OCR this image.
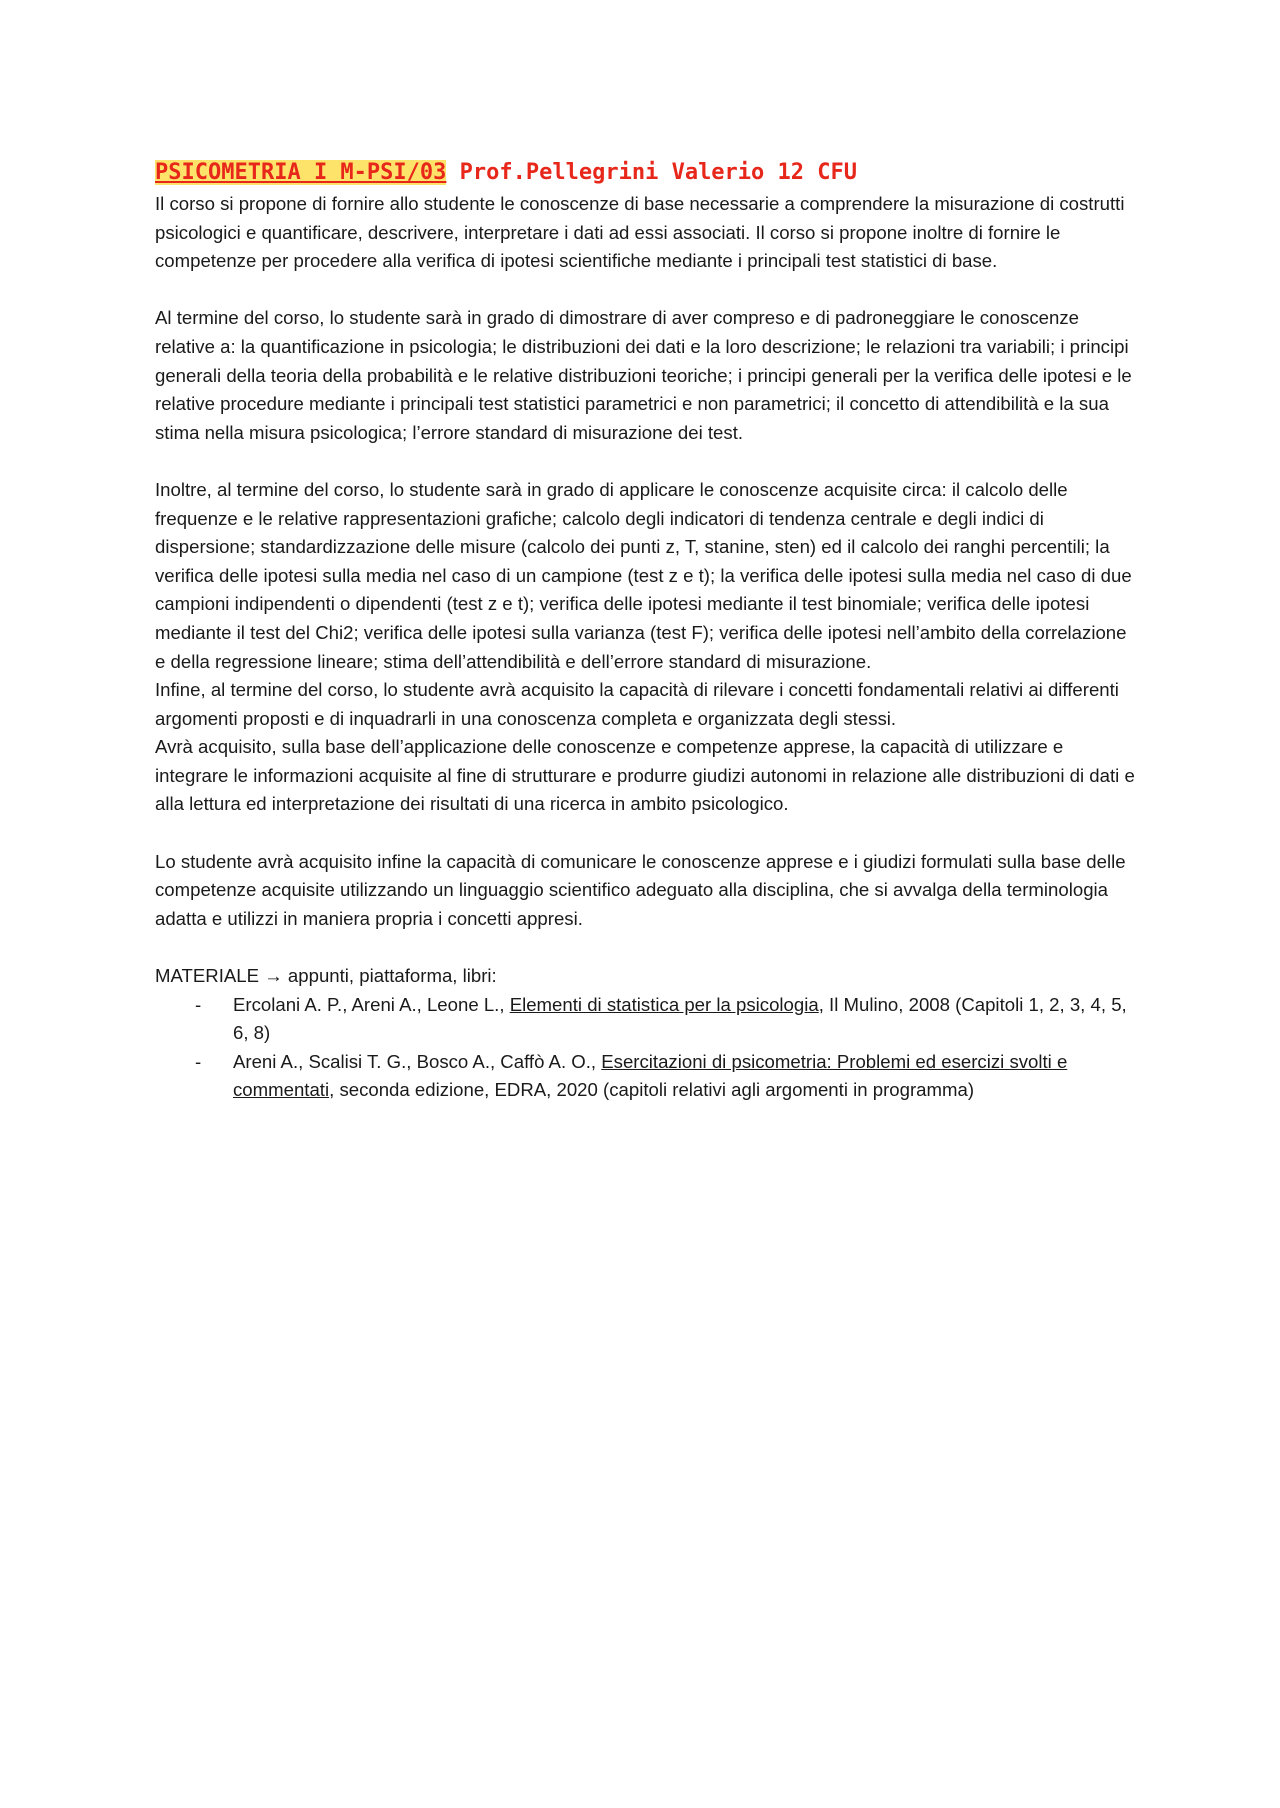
PSICOMETRIA I M-PSI/03 Prof.Pellegrini Valerio 12 CFU

Il corso si propone di fornire allo studente le conoscenze di base necessarie a comprendere la misurazione di costrutti psicologici e quantificare, descrivere, interpretare i dati ad essi associati. Il corso si propone inoltre di fornire le competenze per procedere alla verifica di ipotesi scientifiche mediante i principali test statistici di base.

Al termine del corso, lo studente sarà in grado di dimostrare di aver compreso e di padroneggiare le conoscenze relative a: la quantificazione in psicologia; le distribuzioni dei dati e la loro descrizione; le relazioni tra variabili; i principi generali della teoria della probabilità e le relative distribuzioni teoriche; i principi generali per la verifica delle ipotesi e le relative procedure mediante i principali test statistici parametrici e non parametrici; il concetto di attendibilità e la sua stima nella misura psicologica; l’errore standard di misurazione dei test.

Inoltre, al termine del corso, lo studente sarà in grado di applicare le conoscenze acquisite circa: il calcolo delle frequenze e le relative rappresentazioni grafiche; calcolo degli indicatori di tendenza centrale e degli indici di dispersione; standardizzazione delle misure (calcolo dei punti z, T, stanine, sten) ed il calcolo dei ranghi percentili; la verifica delle ipotesi sulla media nel caso di un campione (test z e t); la verifica delle ipotesi sulla media nel caso di due campioni indipendenti o dipendenti (test z e t); verifica delle ipotesi mediante il test binomiale; verifica delle ipotesi mediante il test del Chi2; verifica delle ipotesi sulla varianza (test F); verifica delle ipotesi nell’ambito della correlazione e della regressione lineare; stima dell’attendibilità e dell’errore standard di misurazione.

Infine, al termine del corso, lo studente avrà acquisito la capacità di rilevare i concetti fondamentali relativi ai differenti argomenti proposti e di inquadrarli in una conoscenza completa e organizzata degli stessi.

Avrà acquisito, sulla base dell’applicazione delle conoscenze e competenze apprese, la capacità di utilizzare e integrare le informazioni acquisite al fine di strutturare e produrre giudizi autonomi in relazione alle distribuzioni di dati e alla lettura ed interpretazione dei risultati di una ricerca in ambito psicologico.

Lo studente avrà acquisito infine la capacità di comunicare le conoscenze apprese e i giudizi formulati sulla base delle competenze acquisite utilizzando un linguaggio scientifico adeguato alla disciplina, che si avvalga della terminologia adatta e utilizzi in maniera propria i concetti appresi.

MATERIALE → appunti, piattaforma, libri:
- Ercolani A. P., Areni A., Leone L., Elementi di statistica per la psicologia, Il Mulino, 2008 (Capitoli 1, 2, 3, 4, 5, 6, 8)
- Areni A., Scalisi T. G., Bosco A., Caffò A. O., Esercitazioni di psicometria: Problemi ed esercizi svolti e commentati, seconda edizione, EDRA, 2020 (capitoli relativi agli argomenti in programma)
